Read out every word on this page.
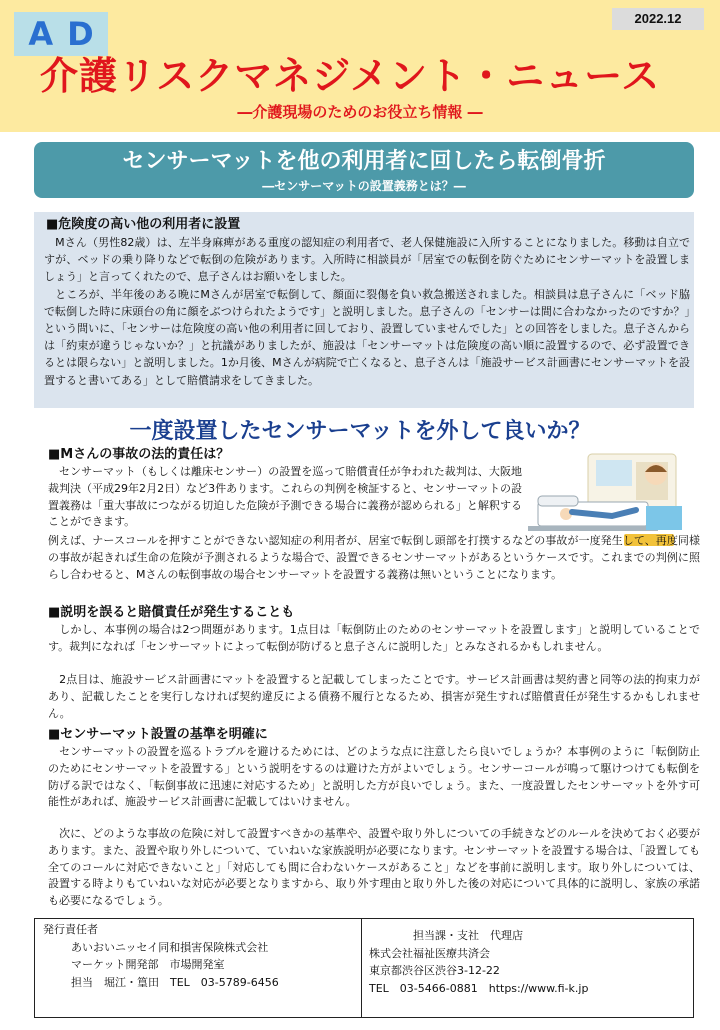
AD	2022.12
介護リスクマネジメント・ニュース

―介護現場のためのお役立ち情報 ―

センサーマットを他の利用者に回したら転倒骨折
―センサーマットの設置義務とは？―

■危険度の高い他の利用者に設置

　Mさん（男性82歳）は、左半身麻痺がある重度の認知症の利用者で、老人保健施設に入所することになりました。移動は自立ですが、ベッドの乗り降りなどで転倒の危険があります。入所時に相談員が「居室での転倒を防ぐためにセンサーマットを設置しましょう」と言ってくれたので、息子さんはお願いをしました。
　ところが、半年後のある晩にMさんが居室で転倒して、顔面に裂傷を負い救急搬送されました。相談員は息子さんに「ベッド脇で転倒した時に床頭台の角に顔をぶつけられたようです」と説明しました。息子さんの「センサーは間に合わなかったのですか？」という問いに、「センサーは危険度の高い他の利用者に回しており、設置していませんでした」との回答をしました。息子さんからは「約束が違うじゃないか？」と抗議がありましたが、施設は「センサーマットは危険度の高い順に設置するので、必ず設置できるとは限らない」と説明しました。1か月後、Mさんが病院で亡くなると、息子さんは「施設サービス計画書にセンサーマットを設置すると書いてある」として賠償請求をしてきました。
一度設置したセンサーマットを外して良いか？

■Mさんの事故の法的責任は？

　センサーマット（もしくは離床センサー）の設置を巡って賠償責任が争われた裁判は、大阪地裁判決（平成29年2月2日）など3件あります。これらの判例を検証すると、センサーマットの設置義務は「重大事故につながる切迫した危険が予測できる場合に義務が認められる」と解釈することができます。

例えば、ナースコールを押すことができない認知症の利用者が、居室で転倒し頭部を打撲するなどの事故が一度発生して、再度同様の事故が起きれば生命の危険が予測されるような場合で、設置できるセンサーマットがあるというケースです。これまでの判例に照らし合わせると、Mさんの転倒事故の場合センサーマットを設置する義務は無いということになります。

■説明を誤ると賠償責任が発生することも

　しかし、本事例の場合は2つ問題があります。1点目は「転倒防止のためのセンサーマットを設置します」と説明していることです。裁判になれば「センサーマットによって転倒が防げると息子さんに説明した」とみなされるかもしれません。

　2点目は、施設サービス計画書にマットを設置すると記載してしまったことです。サービス計画書は契約書と同等の法的拘束力があり、記載したことを実行しなければ契約違反による債務不履行となるため、損害が発生すれば賠償責任が発生するかもしれません。

■センサーマット設置の基準を明確に

　センサーマットの設置を巡るトラブルを避けるためには、どのような点に注意したら良いでしょうか？本事例のように「転倒防止のためにセンサーマットを設置する」という説明をするのは避けた方がよいでしょう。センサーコールが鳴って駆けつけても転倒を防げる訳ではなく、「転倒事故に迅速に対応するため」と説明した方が良いでしょう。また、一度設置したセンサーマットを外す可能性があれば、施設サービス計画書に記載してはいけません。

　次に、どのような事故の危険に対して設置すべきかの基準や、設置や取り外しについての手続きなどのルールを決めておく必要があります。また、設置や取り外しについて、ていねいな家族説明が必要になります。センサーマットを設置する場合は、「設置しても全てのコールに対応できないこと」「対応しても間に合わないケースがあること」などを事前に説明します。取り外しについては、設置する時よりもていねいな対応が必要となりますから、取り外す理由と取り外した後の対応について具体的に説明し、家族の承諾も必要になるでしょう。

発行責任者
あいおいニッセイ同和損害保険株式会社
マーケット開発部　市場開発室
担当　堀江・篁田　TEL　03-5789-6456
担当課・支社　代理店
株式会社福祉医療共済会
東京都渋谷区渋谷3-12-22
TEL　03-5466-0881　https://www.fi-k.jp
